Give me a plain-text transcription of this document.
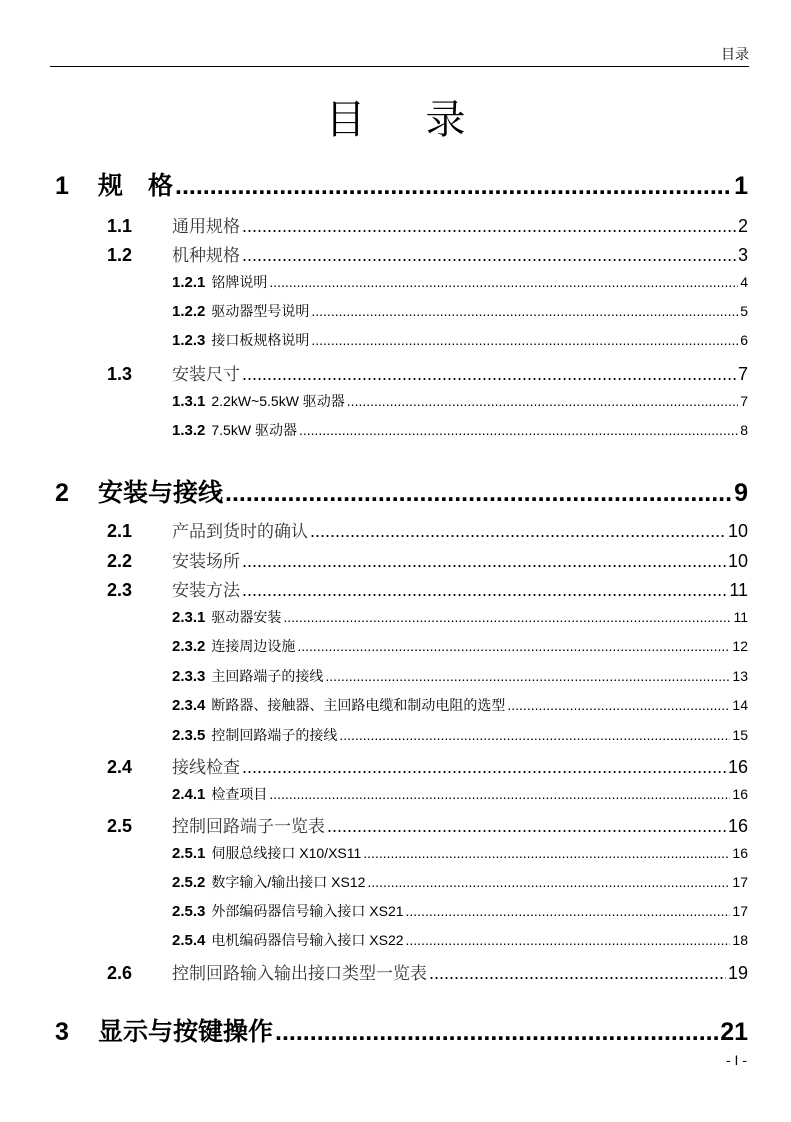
目录
目录
1	规　格 .....	1
1.1	通用规格 .....	2
1.2	机种规格 .....	3
1.2.1 铭牌说明 .....	4
1.2.2 驱动器型号说明 .....	5
1.2.3 接口板规格说明 .....	6
1.3	安装尺寸 .....	7
1.3.1 2.2kW~5.5kW 驱动器 .....	7
1.3.2 7.5kW 驱动器 .....	8
2	安装与接线 .....	9
2.1	产品到货时的确认 .....	10
2.2	安装场所 .....	10
2.3	安装方法 .....	11
2.3.1 驱动器安装 .....	11
2.3.2 连接周边设施 .....	12
2.3.3 主回路端子的接线 .....	13
2.3.4 断路器、接触器、主回路电缆和制动电阻的选型 .....	14
2.3.5 控制回路端子的接线 .....	15
2.4	接线检查 .....	16
2.4.1 检查项目 .....	16
2.5	控制回路端子一览表 .....	16
2.5.1 伺服总线接口 X10/XS11 .....	16
2.5.2 数字输入/输出接口 XS12 .....	17
2.5.3 外部编码器信号输入接口 XS21 .....	17
2.5.4 电机编码器信号输入接口 XS22 .....	18
2.6	控制回路输入输出接口类型一览表 .....	19
3	显示与按键操作 .....	21
- I -
